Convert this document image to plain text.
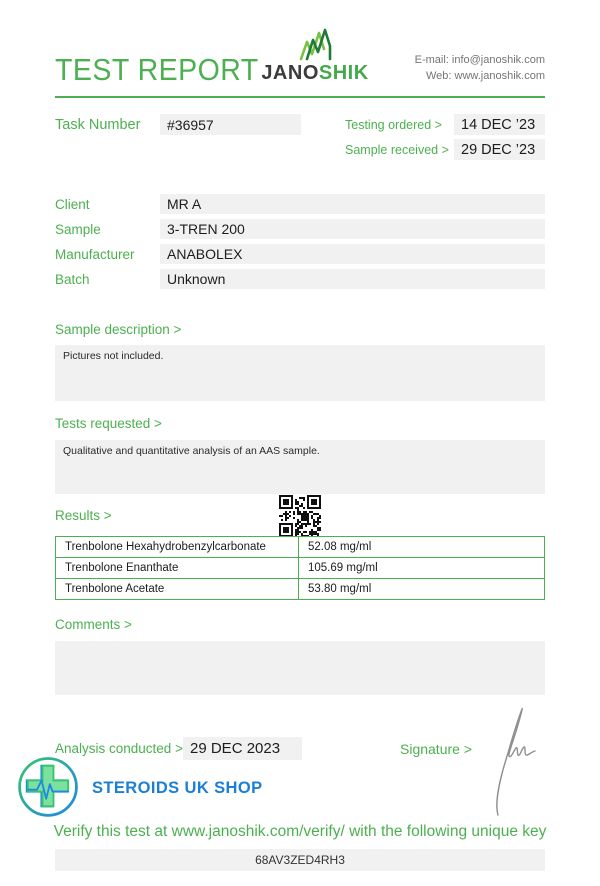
TEST REPORT JANOSHIK
E-mail: info@janoshik.com
Web: www.janoshik.com
Task Number	#36957	Testing ordered >	14 DEC ’23
Sample received > 29 DEC ’23
Client	MR A
Sample	3-TREN 200
Manufacturer	ANABOLEX
Batch	Unknown
Sample description >
Pictures not included.
Tests requested >
Qualitative and quantitative analysis of an AAS sample.
Results >
Trenbolone Hexahydrobenzylcarbonate	52.08 mg/ml
Trenbolone Enanthate	105.69 mg/ml
Trenbolone Acetate	53.80 mg/ml
Comments >
Analysis conducted > 29 DEC 2023	Signature >
STEROIDS UK SHOP
Verify this test at www.janoshik.com/verify/ with the following unique key
68AV3ZED4RH3
